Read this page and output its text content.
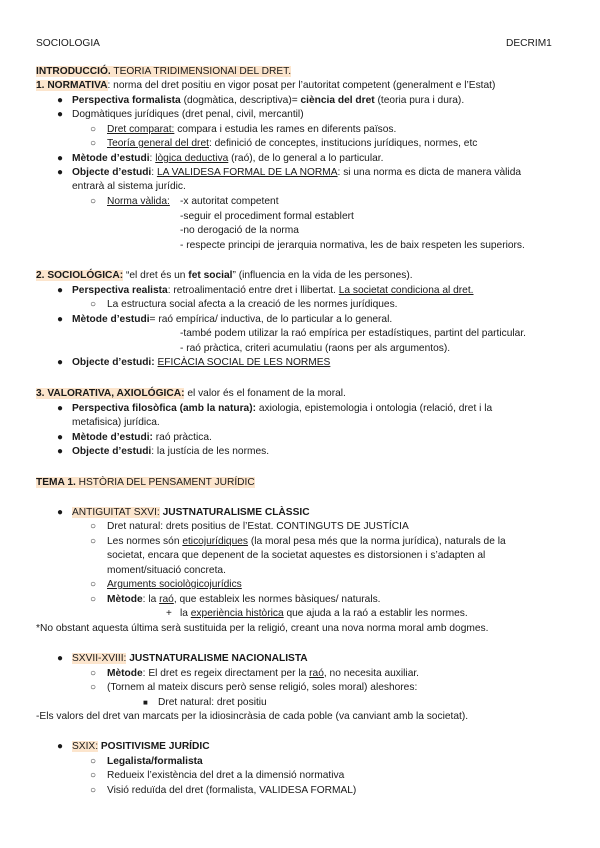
SOCIOLOGIA	DECRIM1
INTRODUCCIÓ. TEORIA TRIDIMENSIONAl DEL DRET.
1. NORMATIVA: norma del dret positiu en vigor posat per l’autoritat competent (generalment e l’Estat)
● Perspectiva formalista (dogmàtica, descriptiva)= ciència del dret (teoria pura i dura).
● Dogmàtiques jurídiques (dret penal, civil, mercantil)
○ Dret comparat: compara i estudia les rames en diferents països.
○ Teoría general del dret: definició de conceptes, institucions jurídiques, normes, etc
● Mètode d’estudi: lògica deductiva (raó), de lo general a lo particular.
● Objecte d’estudi: LA VALIDESA FORMAL DE LA NORMA: si una norma es dicta de manera vàlida
entrarà al sistema jurídic.
○ Norma vàlida: -x autoritat competent
-seguir el procediment formal establert
-no derogació de la norma
- respecte principi de jerarquia normativa, les de baix respeten les superiors.
2. SOCIOLÓGICA: “el dret és un fet social” (influencia en la vida de les persones).
● Perspectiva realista: retroalimentació entre dret i llibertat. La societat condiciona al dret.
○ La estructura social afecta a la creació de les normes jurídiques.
● Mètode d’estudi= raó empírica/ inductiva, de lo particular a lo general.
-també podem utilizar la raó empírica per estadístiques, partint del particular.
- raó pràctica, criteri acumulatiu (raons per als argumentos).
● Objecte d’estudi: EFICÀCIA SOCIAL DE LES NORMES
3. VALORATIVA, AXIOLÓGICA: el valor és el fonament de la moral.
● Perspectiva filosòfica (amb la natura): axiologia, epistemologia i ontologia (relació, dret i la
metafisica) jurídica.
● Mètode d’estudi: raó pràctica.
● Objecte d’estudi: la justícia de les normes.
TEMA 1. HSTÒRIA DEL PENSAMENT JURÍDIC
● ANTIGUITAT SXVI: JUSTNATURALISME CLÀSSIC
○ Dret natural: drets positius de l’Estat. CONTINGUTS DE JUSTÍCIA
○ Les normes són eticojurídiques (la moral pesa més que la norma jurídica), naturals de la
societat, encara que depenent de la societat aquestes es distorsionen i s’adapten al
moment/situació concreta.
○ Arguments sociològicojurídics
○ Mètode: la raó, que estableix les normes bàsiques/ naturals.
+ la experiència històrica que ajuda a la raó a establir les normes.
*No obstant aquesta última serà sustituida per la religió, creant una nova norma moral amb dogmes.
● SXVII-XVIII: JUSTNATURALISME NACIONALISTA
○ Mètode: El dret es regeix directament per la raó, no necesita auxiliar.
○ (Tornem al mateix discurs però sense religió, soles moral) aleshores:
■ Dret natural: dret positiu
-Els valors del dret van marcats per la idiosincràsia de cada poble (va canviant amb la societat).
● SXIX: POSITIVISME JURÍDIC
○ Legalista/formalista
○ Redueix l’existència del dret a la dimensió normativa
○ Visió reduïda del dret (formalista, VALIDESA FORMAL)
